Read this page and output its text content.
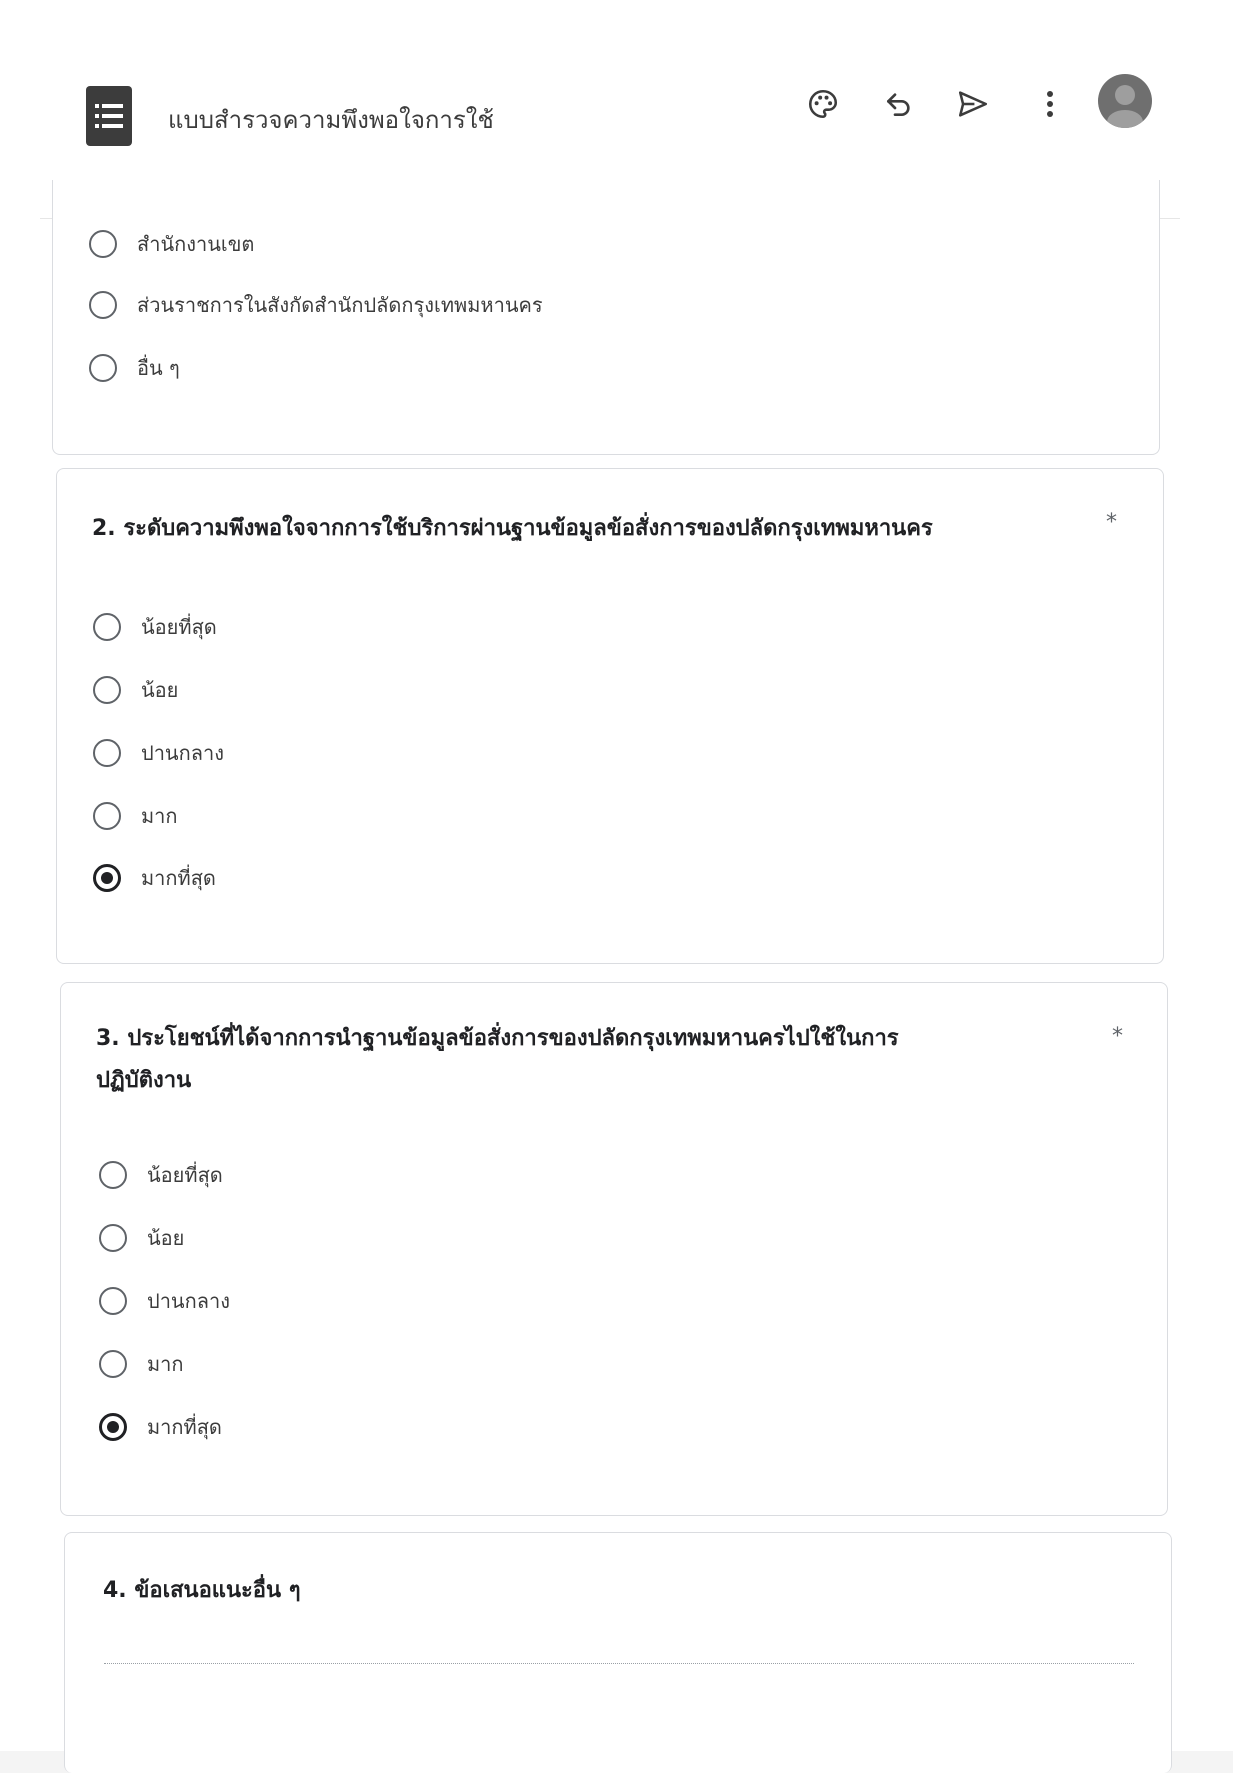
แบบสำรวจความพึงพอใจการใช้
สำนักงานเขต
ส่วนราชการในสังกัดสำนักปลัดกรุงเทพมหานคร
อื่น ๆ
2. ระดับความพึงพอใจจากการใช้บริการผ่านฐานข้อมูลข้อสั่งการของปลัดกรุงเทพมหานคร	*
น้อยที่สุด
น้อย
ปานกลาง
มาก
มากที่สุด
3. ประโยชน์ที่ได้จากการนำฐานข้อมูลข้อสั่งการของปลัดกรุงเทพมหานครไปใช้ในการ
ปฏิบัติงาน
*
น้อยที่สุด
น้อย
ปานกลาง
มาก
มากที่สุด
4. ข้อเสนอแนะอื่น ๆ
